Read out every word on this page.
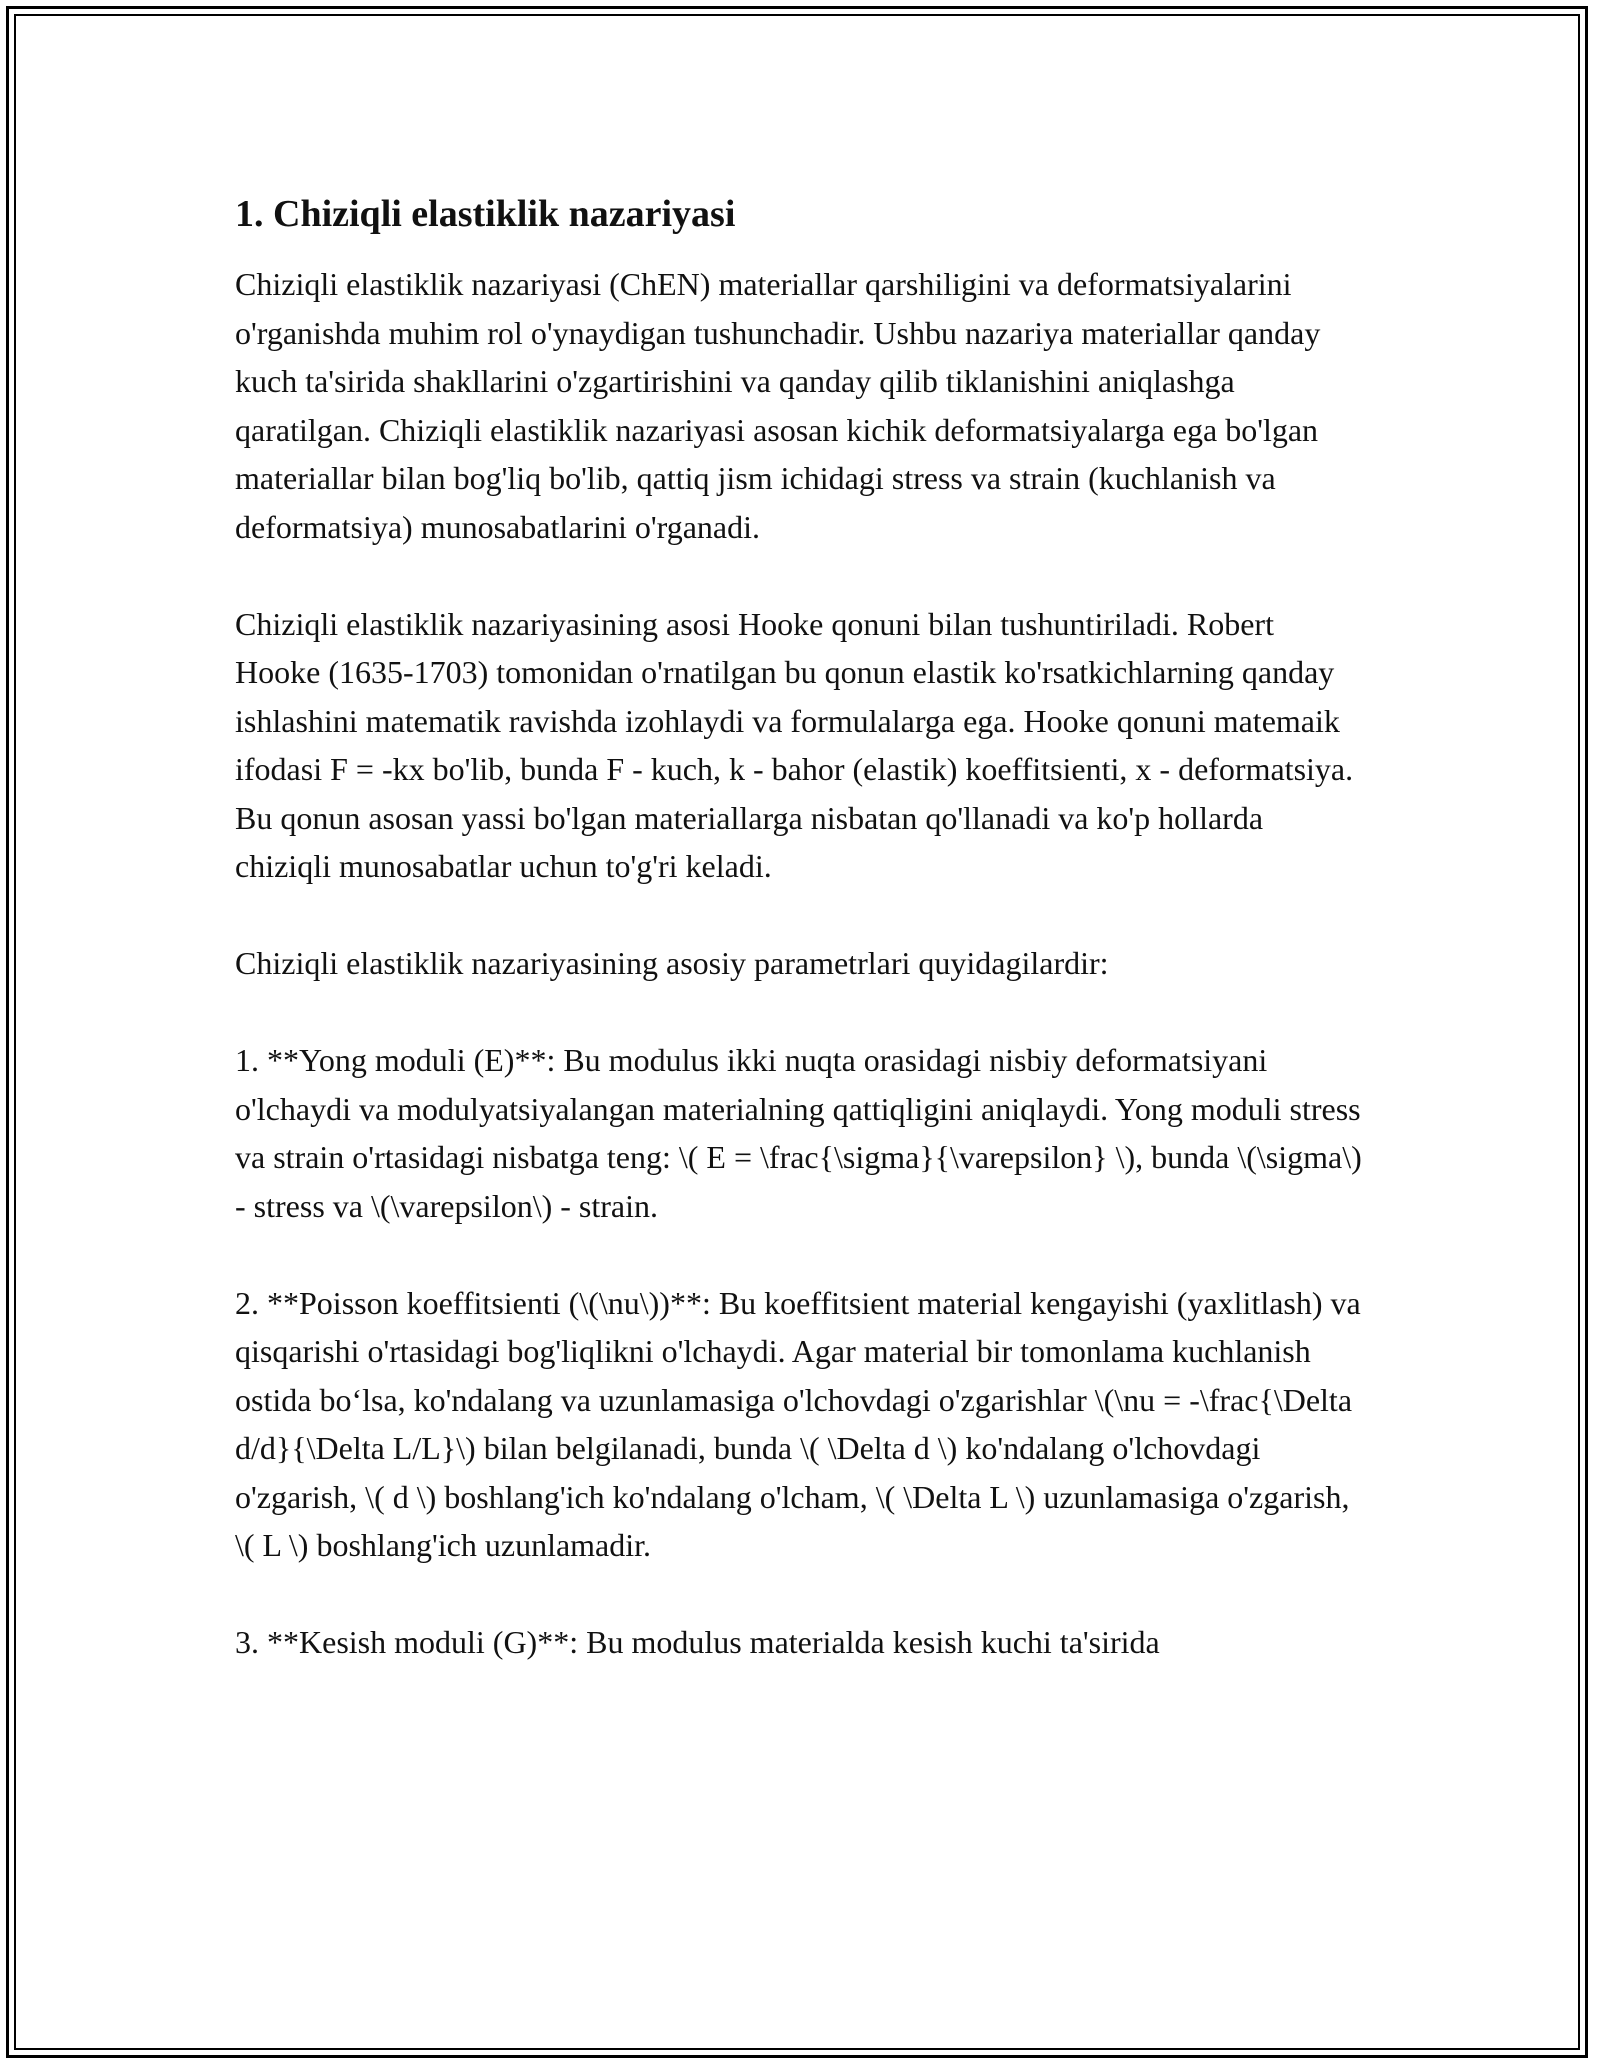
1. Chiziqli elastiklik nazariyasi

Chiziqli elastiklik nazariyasi (ChEN) materiallar qarshiligini va deformatsiyalarini o'rganishda muhim rol o'ynaydigan tushunchadir. Ushbu nazariya materiallar qanday kuch ta'sirida shakllarini o'zgartirishini va qanday qilib tiklanishini aniqlashga qaratilgan. Chiziqli elastiklik nazariyasi asosan kichik deformatsiyalarga ega bo'lgan materiallar bilan bog'liq bo'lib, qattiq jism ichidagi stress va strain (kuchlanish va deformatsiya) munosabatlarini o'rganadi.

Chiziqli elastiklik nazariyasining asosi Hooke qonuni bilan tushuntiriladi. Robert Hooke (1635-1703) tomonidan o'rnatilgan bu qonun elastik ko'rsatkichlarning qanday ishlashini matematik ravishda izohlaydi va formulalarga ega. Hooke qonuni matemaik ifodasi F = -kx bo'lib, bunda F - kuch, k - bahor (elastik) koeffitsienti, x - deformatsiya. Bu qonun asosan yassi bo'lgan materiallarga nisbatan qo'llanadi va ko'p hollarda chiziqli munosabatlar uchun to'g'ri keladi.

Chiziqli elastiklik nazariyasining asosiy parametrlari quyidagilardir:

1. **Yong moduli (E)**: Bu modulus ikki nuqta orasidagi nisbiy deformatsiyani o'lchaydi va modulyatsiyalangan materialning qattiqligini aniqlaydi. Yong moduli stress va strain o'rtasidagi nisbatga teng: \( E = \frac{\sigma}{\varepsilon} \), bunda \(\sigma\) - stress va \(\varepsilon\) - strain.

2. **Poisson koeffitsienti (\(\nu\))**: Bu koeffitsient material kengayishi (yaxlitlash) va qisqarishi o'rtasidagi bog'liqlikni o'lchaydi. Agar material bir tomonlama kuchlanish ostida bo‘lsa, ko'ndalang va uzunlamasiga o'lchovdagi o'zgarishlar \(\nu = -\frac{\Delta d/d}{\Delta L/L}\) bilan belgilanadi, bunda \( \Delta d \) ko'ndalang o'lchovdagi o'zgarish, \( d \) boshlang'ich ko'ndalang o'lcham, \( \Delta L \) uzunlamasiga o'zgarish, \( L \) boshlang'ich uzunlamadir.

3. **Kesish moduli (G)**: Bu modulus materialda kesish kuchi ta'sirida
